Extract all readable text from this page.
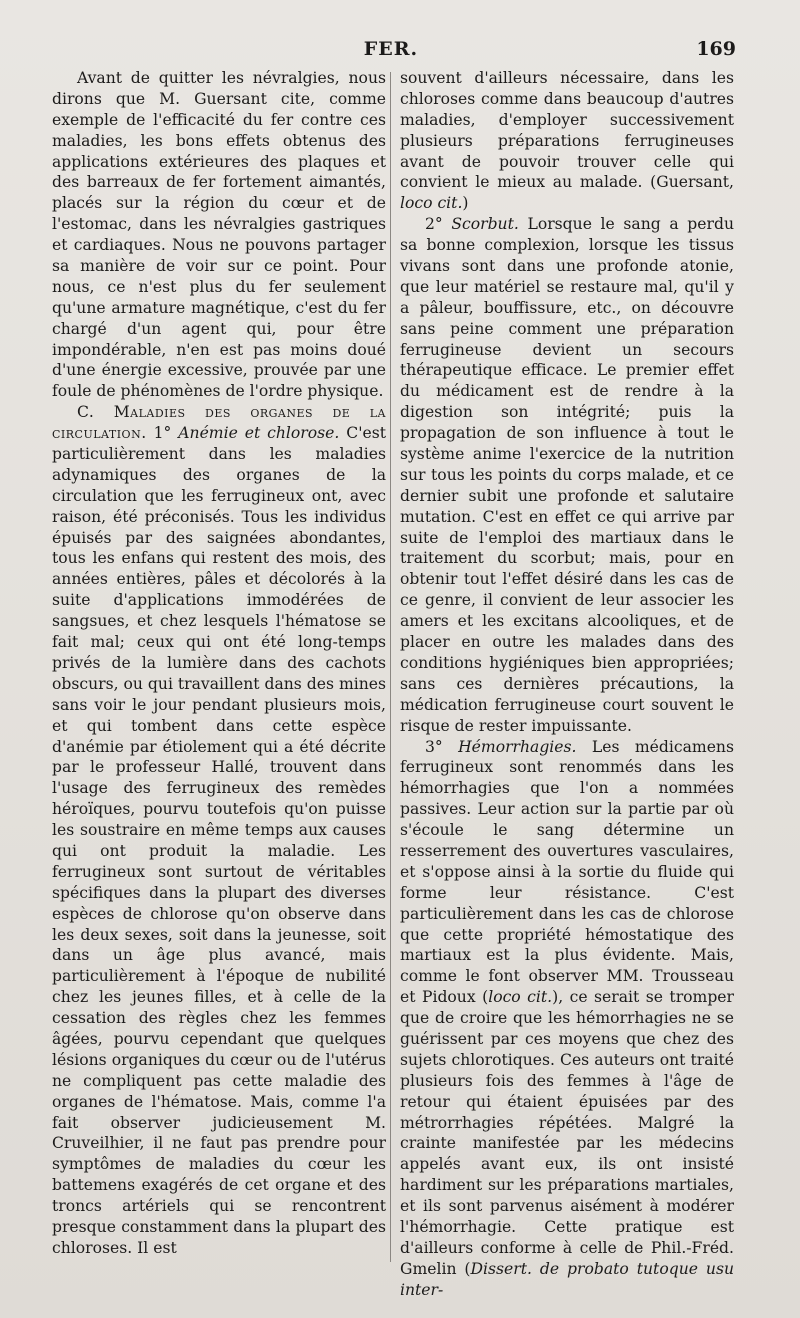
FER.	169

Avant de quitter les névralgies, nous dirons que M. Guersant cite, comme exemple de l'efficacité du fer contre ces maladies, les bons effets obtenus des applications extérieures des plaques et des barreaux de fer fortement aimantés, placés sur la région du cœur et de l'estomac, dans les névralgies gastriques et cardiaques. Nous ne pouvons partager sa manière de voir sur ce point. Pour nous, ce n'est plus du fer seulement qu'une armature magnétique, c'est du fer chargé d'un agent qui, pour être impondérable, n'en est pas moins doué d'une énergie excessive, prouvée par une foule de phénomènes de l'ordre physique.

C. Maladies des organes de la circulation. 1° Anémie et chlorose. C'est particulièrement dans les maladies adynamiques des organes de la circulation que les ferrugineux ont, avec raison, été préconisés. Tous les individus épuisés par des saignées abondantes, tous les enfans qui restent des mois, des années entières, pâles et décolorés à la suite d'applications immodérées de sangsues, et chez lesquels l'hématose se fait mal; ceux qui ont été long-temps privés de la lumière dans des cachots obscurs, ou qui travaillent dans des mines sans voir le jour pendant plusieurs mois, et qui tombent dans cette espèce d'anémie par étiolement qui a été décrite par le professeur Hallé, trouvent dans l'usage des ferrugineux des remèdes héroïques, pourvu toutefois qu'on puisse les soustraire en même temps aux causes qui ont produit la maladie. Les ferrugineux sont surtout de véritables spécifiques dans la plupart des diverses espèces de chlorose qu'on observe dans les deux sexes, soit dans la jeunesse, soit dans un âge plus avancé, mais particulièrement à l'époque de nubilité chez les jeunes filles, et à celle de la cessation des règles chez les femmes âgées, pourvu cependant que quelques lésions organiques du cœur ou de l'utérus ne compliquent pas cette maladie des organes de l'hématose. Mais, comme l'a fait observer judicieusement M. Cruveilhier, il ne faut pas prendre pour symptômes de maladies du cœur les battemens exagérés de cet organe et des troncs artériels qui se rencontrent presque constamment dans la plupart des chloroses. Il est

souvent d'ailleurs nécessaire, dans les chloroses comme dans beaucoup d'autres maladies, d'employer successivement plusieurs préparations ferrugineuses avant de pouvoir trouver celle qui convient le mieux au malade. (Guersant, loco cit.)

2° Scorbut. Lorsque le sang a perdu sa bonne complexion, lorsque les tissus vivans sont dans une profonde atonie, que leur matériel se restaure mal, qu'il y a pâleur, bouffissure, etc., on découvre sans peine comment une préparation ferrugineuse devient un secours thérapeutique efficace. Le premier effet du médicament est de rendre à la digestion son intégrité; puis la propagation de son influence à tout le système anime l'exercice de la nutrition sur tous les points du corps malade, et ce dernier subit une profonde et salutaire mutation. C'est en effet ce qui arrive par suite de l'emploi des martiaux dans le traitement du scorbut; mais, pour en obtenir tout l'effet désiré dans les cas de ce genre, il convient de leur associer les amers et les excitans alcooliques, et de placer en outre les malades dans des conditions hygiéniques bien appropriées; sans ces dernières précautions, la médication ferrugineuse court souvent le risque de rester impuissante.

3° Hémorrhagies. Les médicamens ferrugineux sont renommés dans les hémorrhagies que l'on a nommées passives. Leur action sur la partie par où s'écoule le sang détermine un resserrement des ouvertures vasculaires, et s'oppose ainsi à la sortie du fluide qui forme leur résistance. C'est particulièrement dans les cas de chlorose que cette propriété hémostatique des martiaux est la plus évidente. Mais, comme le font observer MM. Trousseau et Pidoux (loco cit.), ce serait se tromper que de croire que les hémorrhagies ne se guérissent par ces moyens que chez des sujets chlorotiques. Ces auteurs ont traité plusieurs fois des femmes à l'âge de retour qui étaient épuisées par des métrorrhagies répétées. Malgré la crainte manifestée par les médecins appelés avant eux, ils ont insisté hardiment sur les préparations martiales, et ils sont parvenus aisément à modérer l'hémorrhagie. Cette pratique est d'ailleurs conforme à celle de Phil.-Fréd. Gmelin (Dissert. de probato tutoque usu inter-
